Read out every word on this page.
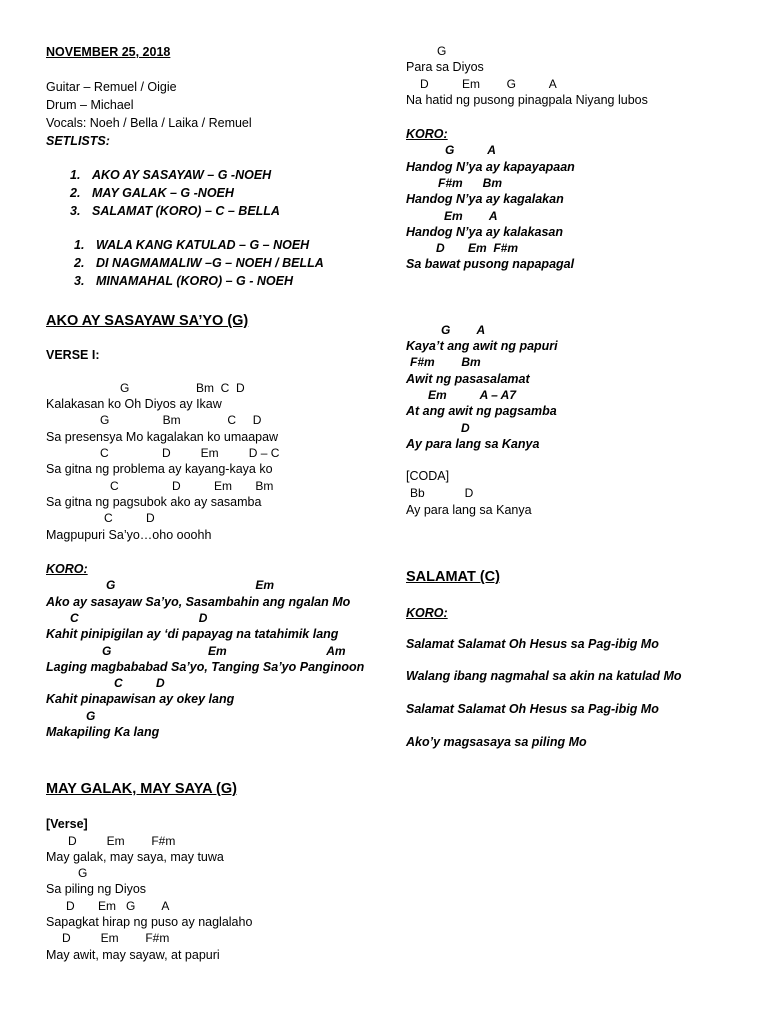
NOVEMBER 25, 2018
Guitar – Remuel / Oigie
Drum – Michael
Vocals: Noeh / Bella / Laika / Remuel
SETLISTS:
1. AKO AY SASAYAW – G -NOEH
2. MAY GALAK – G -NOEH
3. SALAMAT (KORO) – C – BELLA
1. WALA KANG KATULAD – G – NOEH
2. DI NAGMAMALIW –G – NOEH / BELLA
3. MINAMAHAL (KORO) – G - NOEH
AKO AY SASAYAW SA’YO (G)
VERSE I:
G                    Bm  C  D
Kalakasan ko Oh Diyos ay Ikaw
G                Bm              C     D
Sa presensya Mo kagalakan ko umaapaw
C                D         Em         D – C
Sa gitna ng problema ay kayang-kaya ko
C                D          Em       Bm
Sa gitna ng pagsubok ako ay sasamba
C          D
Magpupuri Sa’yo…oho ooohh
KORO:
G                                          Em
Ako ay sasayaw Sa’yo, Sasambahin ang ngalan Mo
C                                    D
Kahit pinipigilan ay ‘di papayag na tatahimik lang
G                             Em                              Am
Laging magbababad Sa’yo, Tanging Sa’yo Panginoon
C          D
Kahit pinapawisan ay okey lang
G
Makapiling Ka lang
MAY GALAK, MAY SAYA (G)
[Verse]
D         Em        F#m
May galak, may saya, may tuwa
G
Sa piling ng Diyos
D       Em   G        A
Sapagkat hirap ng puso ay naglalaho
D         Em        F#m
May awit, may sayaw, at papuri
G
Para sa Diyos
D          Em        G          A
Na hatid ng pusong pinagpala Niyang lubos
KORO:
G          A
Handog N’ya ay kapayapaan
F#m      Bm
Handog N’ya ay kagalakan
Em        A
Handog N’ya ay kalakasan
D       Em  F#m
Sa bawat pusong napapagal
G        A
Kaya’t ang awit ng papuri
F#m        Bm
Awit ng pasasalamat
Em          A – A7
At ang awit ng pagsamba
D
Ay para lang sa Kanya
[CODA]
Bb            D
Ay para lang sa Kanya
SALAMAT (C)
KORO:
Salamat Salamat Oh Hesus sa Pag-ibig Mo
Walang ibang nagmahal sa akin na katulad Mo
Salamat Salamat Oh Hesus sa Pag-ibig Mo
Ako’y magsasaya sa piling Mo
